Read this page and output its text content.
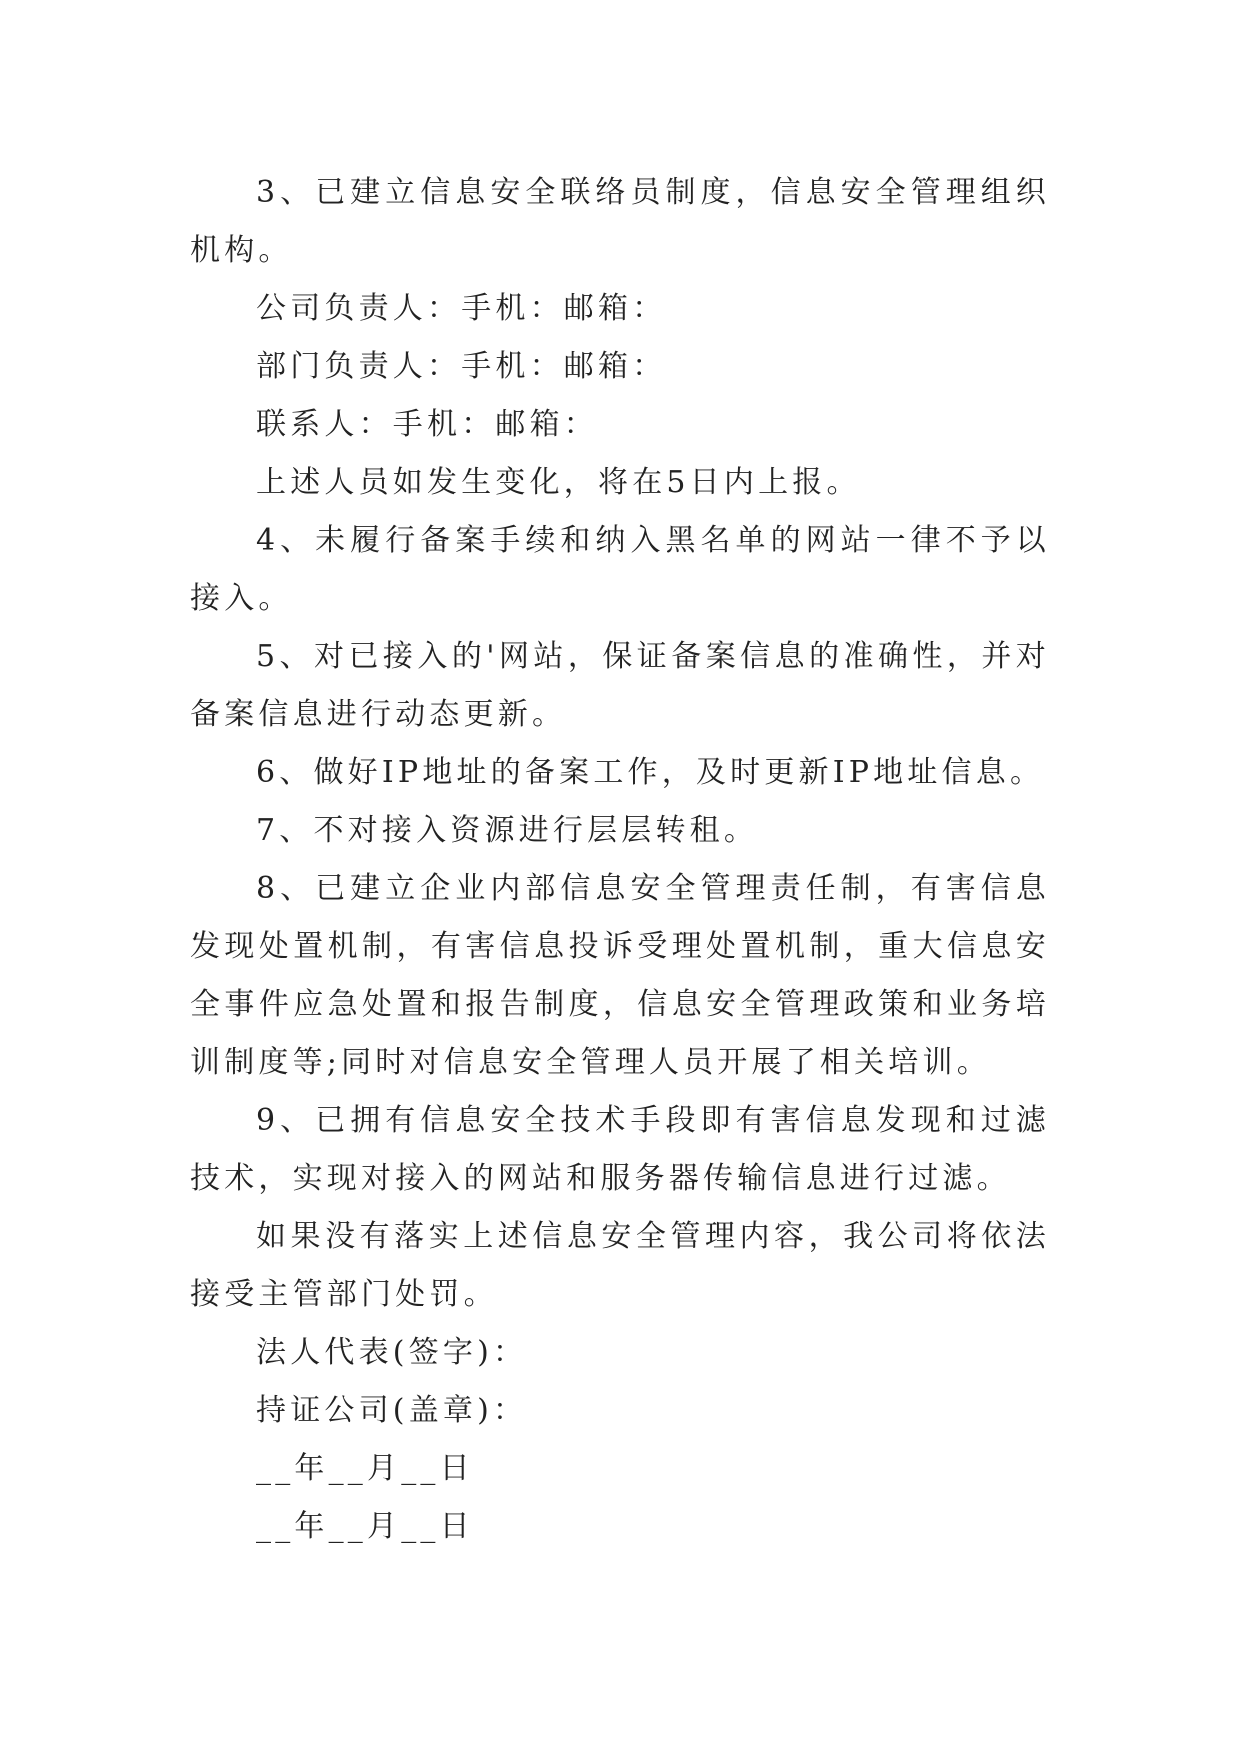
3、已建立信息安全联络员制度，信息安全管理组织机构。

公司负责人：手机：邮箱：

部门负责人：手机：邮箱：

联系人：手机：邮箱：

上述人员如发生变化，将在5日内上报。

4、未履行备案手续和纳入黑名单的网站一律不予以接入。

5、对已接入的'网站，保证备案信息的准确性，并对备案信息进行动态更新。

6、做好IP地址的备案工作，及时更新IP地址信息。

7、不对接入资源进行层层转租。

8、已建立企业内部信息安全管理责任制，有害信息发现处置机制，有害信息投诉受理处置机制，重大信息安全事件应急处置和报告制度，信息安全管理政策和业务培训制度等;同时对信息安全管理人员开展了相关培训。

9、已拥有信息安全技术手段即有害信息发现和过滤技术，实现对接入的网站和服务器传输信息进行过滤。

如果没有落实上述信息安全管理内容，我公司将依法接受主管部门处罚。

法人代表(签字)：

持证公司(盖章)：

__年__月__日

__年__月__日
